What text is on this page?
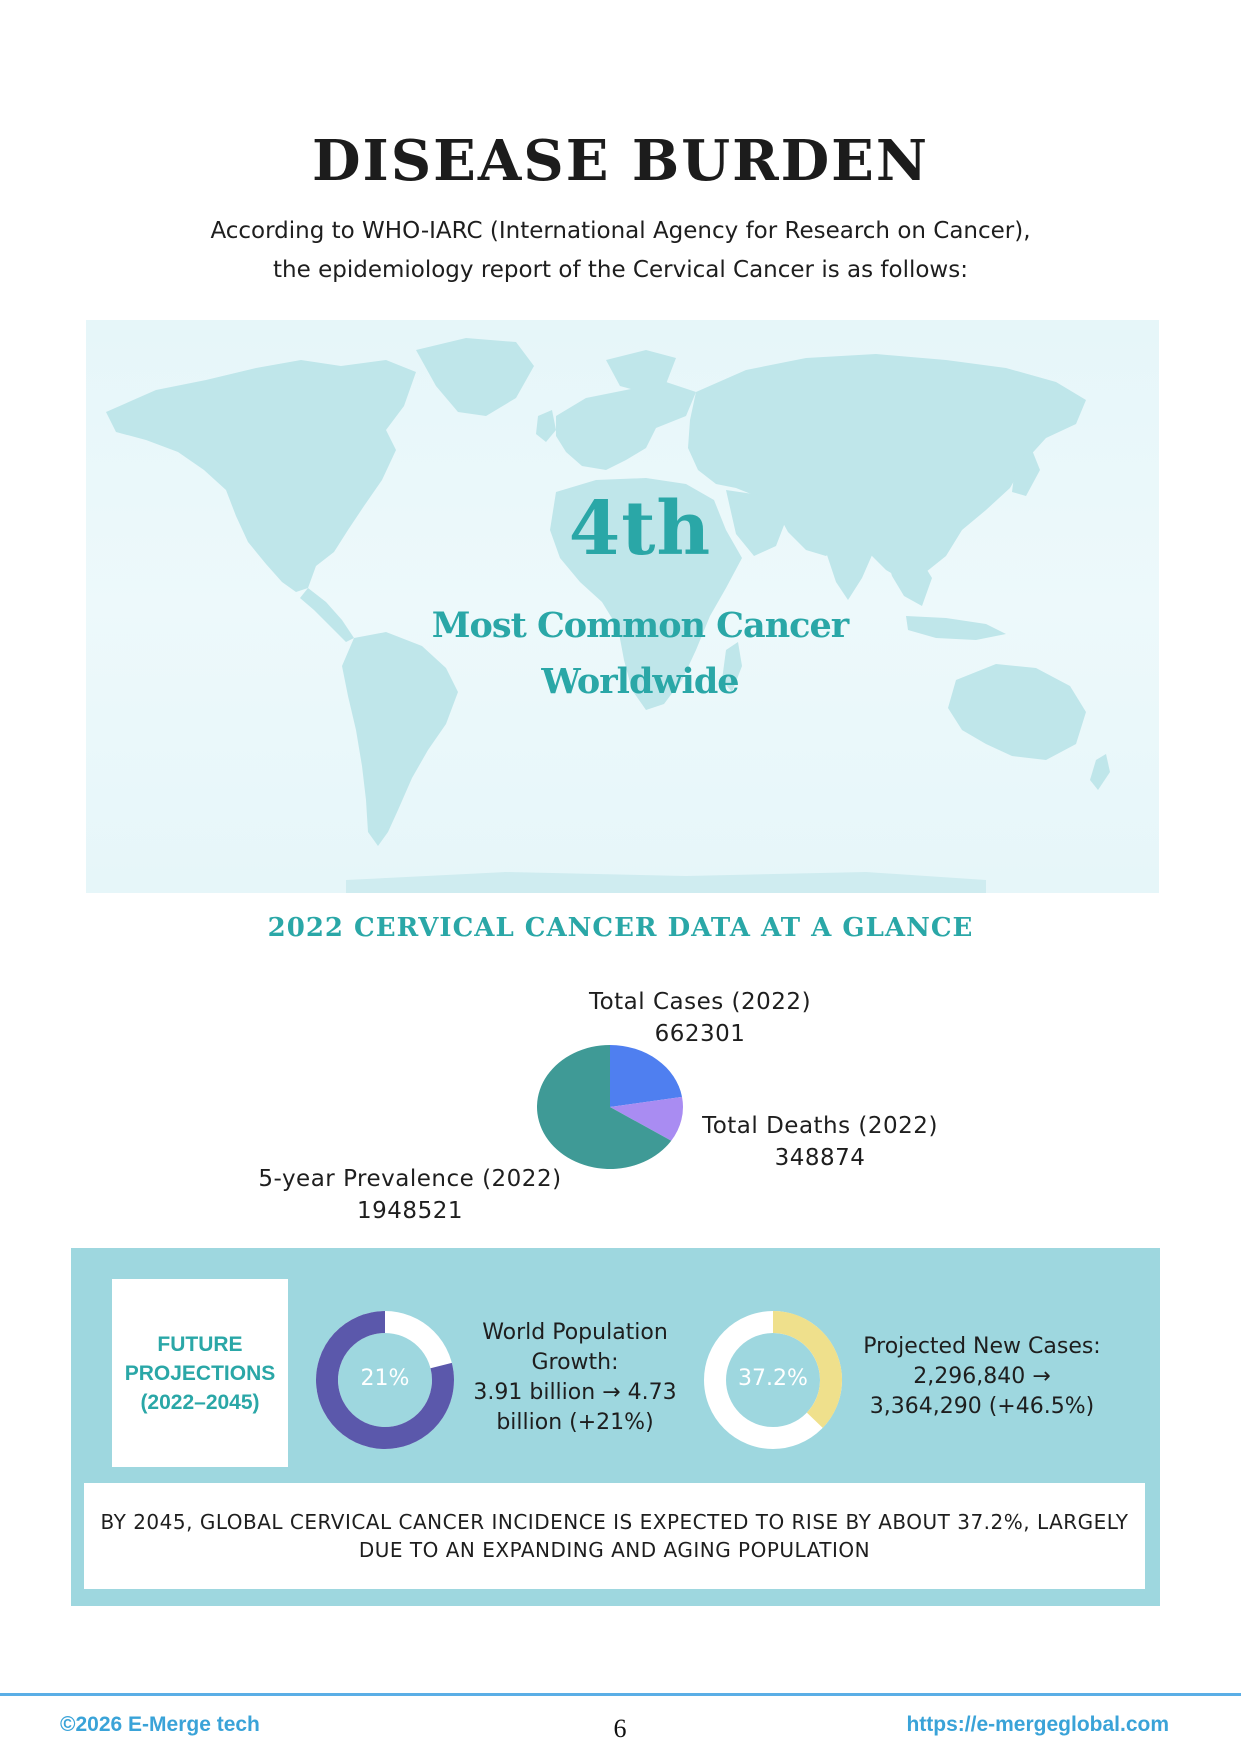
DISEASE BURDEN
According to WHO-IARC (International Agency for Research on Cancer),
the epidemiology report of the Cervical Cancer is as follows:
4th
Most Common Cancer
Worldwide
2022 CERVICAL CANCER DATA AT A GLANCE
Total Cases (2022)
662301
Total Deaths (2022)
348874
5-year Prevalence (2022)
1948521
FUTURE
PROJECTIONS
(2022–2045)
21%
World Population
Growth:
3.91 billion → 4.73
billion (+21%)
37.2%
Projected New Cases:
2,296,840 →
3,364,290 (+46.5%)
BY 2045, GLOBAL CERVICAL CANCER INCIDENCE IS EXPECTED TO RISE BY ABOUT 37.2%, LARGELY DUE TO AN EXPANDING AND AGING POPULATION
©2026 E-Merge tech	6	https://e-mergeglobal.com
